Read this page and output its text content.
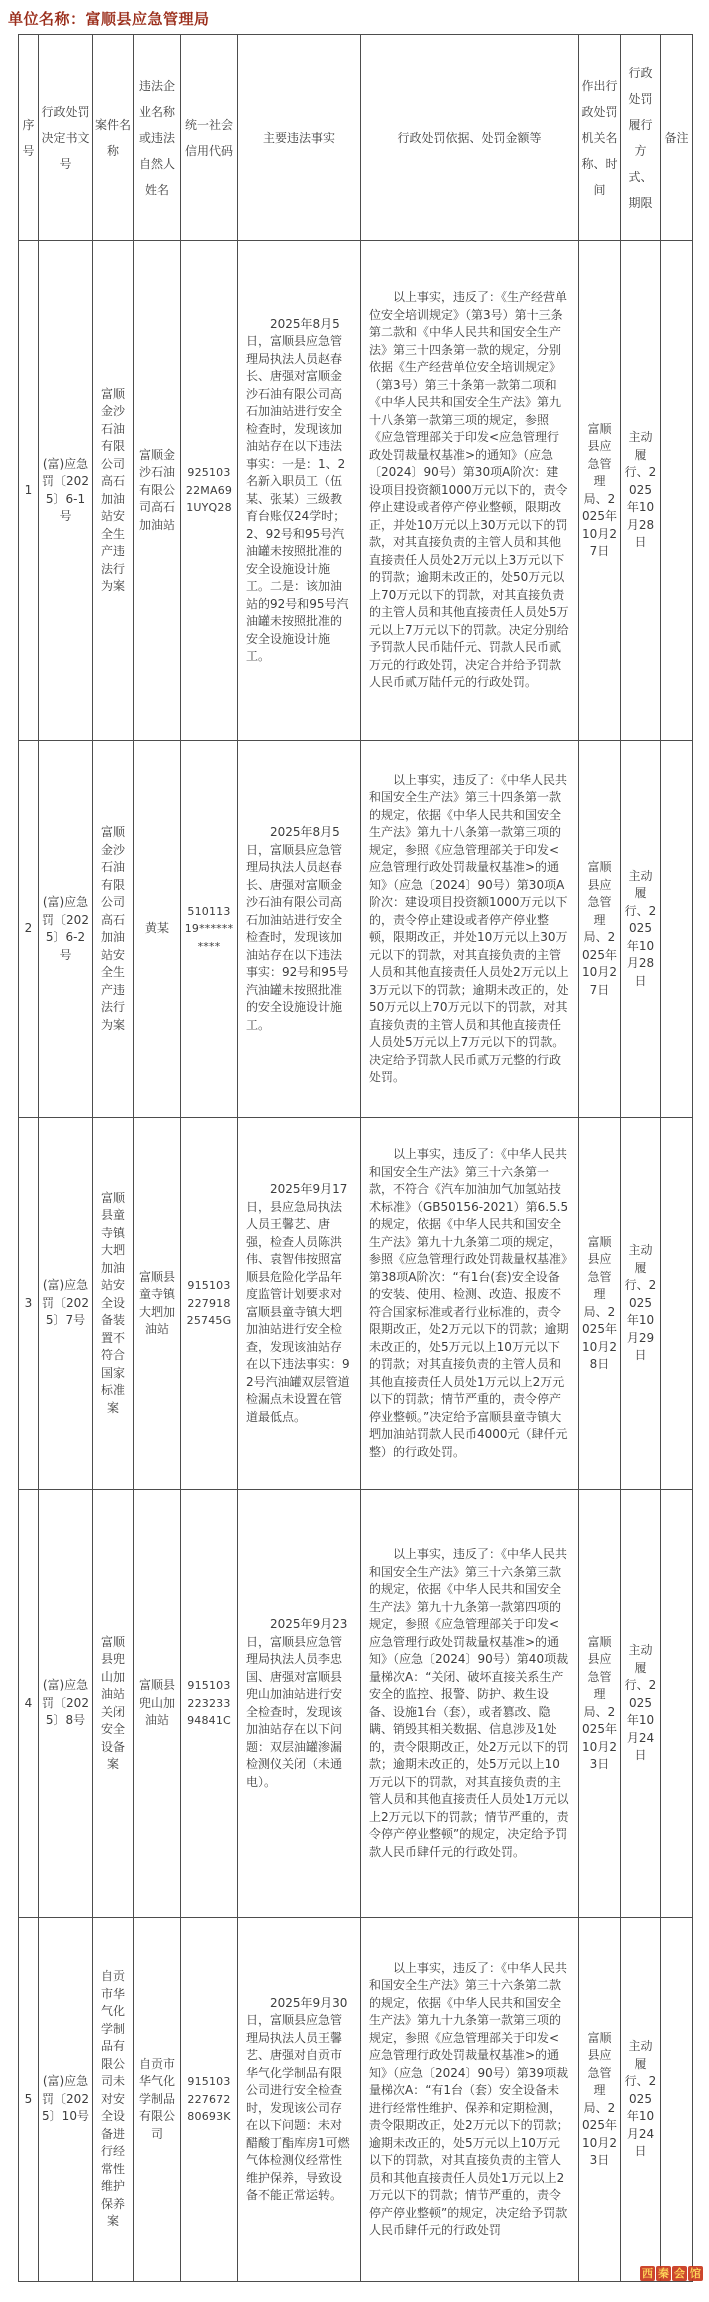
单位名称：富顺县应急管理局
序号	行政处罚决定书文号	案件名称	违法企业名称或违法自然人姓名	统一社会信用代码	主要违法事实	行政处罚依据、处罚金额等	作出行政处罚机关名称、时间	行政处罚履行方式、期限	备注
1	(富)应急罚〔2025〕6-1号	富顺金沙石油有限公司高石加油站安全生产违法行为案	富顺金沙石油有限公司高石加油站	92510322MA691UYQ28	2025年8月5日，富顺县应急管理局执法人员赵春长、唐强对富顺金沙石油有限公司高石加油站进行安全检查时，发现该加油站存在以下违法事实：一是：1、2名新入职员工（伍某、张某）三级教育台账仅24学时；2、92号和95号汽油罐未按照批准的安全设施设计施工。二是：该加油站的92号和95号汽油罐未按照批准的安全设施设计施工。	以上事实，违反了：《生产经营单位安全培训规定》（第3号）第十三条第二款和《中华人民共和国安全生产法》第三十四条第一款的规定，分别依据《生产经营单位安全培训规定》（第3号）第三十条第一款第二项和《中华人民共和国安全生产法》第九十八条第一款第三项的规定，参照《应急管理部关于印发<应急管理行政处罚裁量权基准>的通知》（应急〔2024〕90号）第30项A阶次：建设项目投资额1000万元以下的，责令停止建设或者停产停业整顿，限期改正，并处10万元以上30万元以下的罚款，对其直接负责的主管人员和其他直接责任人员处2万元以上3万元以下的罚款；逾期未改正的，处50万元以上70万元以下的罚款，对其直接负责的主管人员和其他直接责任人员处5万元以上7万元以下的罚款。决定分别给予罚款人民币陆仟元、罚款人民币贰万元的行政处罚，决定合并给予罚款人民币贰万陆仟元的行政处罚。	富顺县应急管理局、2025年10月27日	主动履行、2025年10月28日	
2	(富)应急罚〔2025〕6-2号	富顺金沙石油有限公司高石加油站安全生产违法行为案	黄某	51011319**********	2025年8月5日，富顺县应急管理局执法人员赵春长、唐强对富顺金沙石油有限公司高石加油站进行安全检查时，发现该加油站存在以下违法事实：92号和95号汽油罐未按照批准的安全设施设计施工。	以上事实，违反了：《中华人民共和国安全生产法》第三十四条第一款的规定，依据《中华人民共和国安全生产法》第九十八条第一款第三项的规定，参照《应急管理部关于印发<应急管理行政处罚裁量权基准>的通知》（应急〔2024〕90号）第30项A阶次：建设项目投资额1000万元以下的，责令停止建设或者停产停业整顿，限期改正，并处10万元以上30万元以下的罚款，对其直接负责的主管人员和其他直接责任人员处2万元以上3万元以下的罚款；逾期未改正的，处50万元以上70万元以下的罚款，对其直接负责的主管人员和其他直接责任人员处5万元以上7万元以下的罚款。决定给予罚款人民币贰万元整的行政处罚。	富顺县应急管理局、2025年10月27日	主动履行、2025年10月28日	
3	(富)应急罚〔2025〕7号	富顺县童寺镇大垇加油站安全设备装置不符合国家标准案	富顺县童寺镇大垇加油站	91510322791825745G	2025年9月17日，县应急局执法人员王馨艺、唐强，检查人员陈洪伟、袁智伟按照富顺县危险化学品年度监管计划要求对富顺县童寺镇大垇加油站进行安全检查，发现该油站存在以下违法事实：92号汽油罐双层管道检漏点未设置在管道最低点。	以上事实，违反了：《中华人民共和国安全生产法》第三十六条第一款，不符合《汽车加油加气加氢站技术标准》（GB50156-2021）第6.5.5的规定，依据《中华人民共和国安全生产法》第九十九条第二项的规定，参照《应急管理行政处罚裁量权基准》第38项A阶次：“有1台(套)安全设备的安装、使用、检测、改造、报废不符合国家标准或者行业标准的，责令限期改正，处2万元以下的罚款；逾期未改正的，处5万元以上10万元以下的罚款；对其直接负责的主管人员和其他直接责任人员处1万元以上2万元以下的罚款；情节严重的，责令停产停业整顿。”决定给予富顺县童寺镇大垇加油站罚款人民币4000元（肆仟元整）的行政处罚。	富顺县应急管理局、2025年10月28日	主动履行、2025年10月29日	
4	(富)应急罚〔2025〕8号	富顺县兜山加油站关闭安全设备案	富顺县兜山加油站	91510322323394841C	2025年9月23日，富顺县应急管理局执法人员李忠国、唐强对富顺县兜山加油站进行安全检查时，发现该加油站存在以下问题：双层油罐渗漏检测仪关闭（未通电）。	以上事实，违反了：《中华人民共和国安全生产法》第三十六条第三款的规定，依据《中华人民共和国安全生产法》第九十九条第一款第四项的规定，参照《应急管理部关于印发<应急管理行政处罚裁量权基准>的通知》（应急〔2024〕90号）第40项裁量梯次A：“关闭、破坏直接关系生产安全的监控、报警、防护、救生设备、设施1台（套），或者篡改、隐瞒、销毁其相关数据、信息涉及1处的，责令限期改正，处2万元以下的罚款；逾期未改正的，处5万元以上10万元以下的罚款，对其直接负责的主管人员和其他直接责任人员处1万元以上2万元以下的罚款；情节严重的，责令停产停业整顿”的规定，决定给予罚款人民币肆仟元的行政处罚。	富顺县应急管理局、2025年10月23日	主动履行、2025年10月24日	
5	(富)应急罚〔2025〕10号	自贡市华气化学制品有限公司未对安全设备进行经常性维护保养案	自贡市华气化学制品有限公司	91510322767280693K	2025年9月30日，富顺县应急管理局执法人员王馨艺、唐强对自贡市华气化学制品有限公司进行安全检查时，发现该公司存在以下问题：未对醋酸丁酯库房1可燃气体检测仪经常性维护保养，导致设备不能正常运转。	以上事实，违反了：《中华人民共和国安全生产法》第三十六条第二款的规定，依据《中华人民共和国安全生产法》第九十九条第一款第三项的规定，参照《应急管理部关于印发<应急管理行政处罚裁量权基准>的通知》（应急〔2024〕90号）第39项裁量梯次A：“有1台（套）安全设备未进行经常性维护、保养和定期检测，责令限期改正，处2万元以下的罚款；逾期未改正的，处5万元以上10万元以下的罚款，对其直接负责的主管人员和其他直接责任人员处1万元以上2万元以下的罚款；情节严重的，责令停产停业整顿”的规定，决定给予罚款人民币肆仟元的行政处罚	富顺县应急管理局、2025年10月23日	主动履行、2025年10月24日	
西 秦 会 馆
